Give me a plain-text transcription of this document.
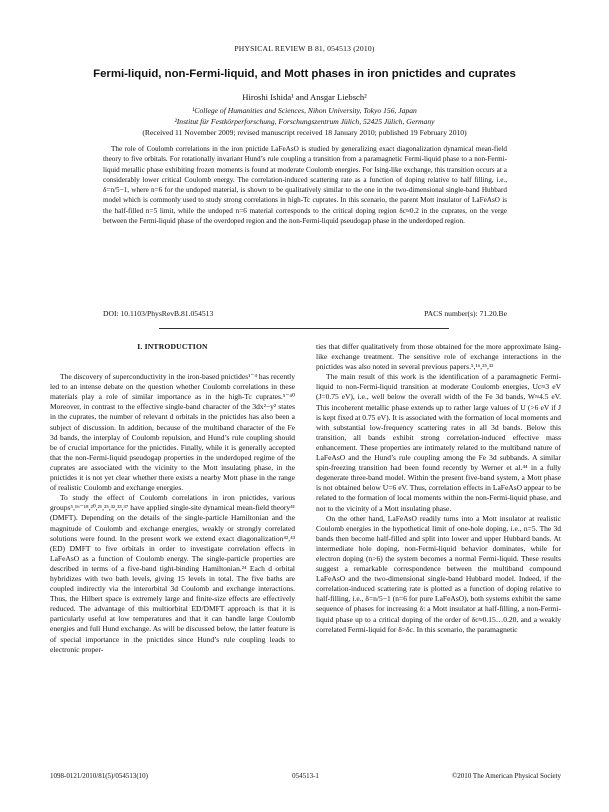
PHYSICAL REVIEW B 81, 054513 (2010)
Fermi-liquid, non-Fermi-liquid, and Mott phases in iron pnictides and cuprates
Hiroshi Ishida¹ and Ansgar Liebsch²
¹College of Humanities and Sciences, Nihon University, Tokyo 156, Japan
²Institut für Festkörperforschung, Forschungszentrum Jülich, 52425 Jülich, Germany
(Received 11 November 2009; revised manuscript received 18 January 2010; published 19 February 2010)
The role of Coulomb correlations in the iron pnictide LaFeAsO is studied by generalizing exact diagonalization dynamical mean-field theory to five orbitals. For rotationally invariant Hund’s rule coupling a transition from a paramagnetic Fermi-liquid phase to a non-Fermi-liquid metallic phase exhibiting frozen moments is found at moderate Coulomb energies. For Ising-like exchange, this transition occurs at a considerably lower critical Coulomb energy. The correlation-induced scattering rate as a function of doping relative to half filling, i.e., δ=n/5−1, where n=6 for the undoped material, is shown to be qualitatively similar to the one in the two-dimensional single-band Hubbard model which is commonly used to study strong correlations in high-Tc cuprates. In this scenario, the parent Mott insulator of LaFeAsO is the half-filled n=5 limit, while the undoped n=6 material corresponds to the critical doping region δc≈0.2 in the cuprates, on the verge between the Fermi-liquid phase of the overdoped region and the non-Fermi-liquid pseudogap phase in the underdoped region.
DOI: 10.1103/PhysRevB.81.054513	PACS number(s): 71.20.Be
I. INTRODUCTION

The discovery of superconductivity in the iron-based pnictides¹⁻⁴ has recently led to an intense debate on the question whether Coulomb correlations in these materials play a role of similar importance as in the high-Tc cuprates.⁵⁻⁴⁰ Moreover, in contrast to the effective single-band character of the 3dx²−y² states in the cuprates, the number of relevant d orbitals in the pnictides has also been a subject of discussion. In addition, because of the multiband character of the Fe 3d bands, the interplay of Coulomb repulsion, and Hund’s rule coupling should be of crucial importance for the pnictides. Finally, while it is generally accepted that the non-Fermi-liquid pseudogap properties in the underdoped regime of the cuprates are associated with the vicinity to the Mott insulating phase, in the pnictides it is not yet clear whether there exists a nearby Mott phase in the range of realistic Coulomb and exchange energies.

To study the effect of Coulomb correlations in iron pnictides, various groups⁵,¹⁶⁻¹⁸,²⁰,²¹,²⁵,³²,³³,³⁷ have applied single-site dynamical mean-field theory⁴¹ (DMFT). Depending on the details of the single-particle Hamiltonian and the magnitude of Coulomb and exchange energies, weakly or strongly correlated solutions were found. In the present work we extend exact diagonalization⁴²,⁴³ (ED) DMFT to five orbitals in order to investigate correlation effects in LaFeAsO as a function of Coulomb energy. The single-particle properties are described in terms of a five-band tight-binding Hamiltonian.²⁴ Each d orbital hybridizes with two bath levels, giving 15 levels in total. The five baths are coupled indirectly via the interorbital 3d Coulomb and exchange interactions. Thus, the Hilbert space is extremely large and finite-size effects are effectively reduced. The advantage of this multiorbital ED/DMFT approach is that it is particularly useful at low temperatures and that it can handle large Coulomb energies and full Hund exchange. As will be discussed below, the latter feature is of special importance in the pnictides since Hund’s rule coupling leads to electronic proper-

ties that differ qualitatively from those obtained for the more approximate Ising-like exchange treatment. The sensitive role of exchange interactions in the pnictides was also noted in several previous papers.⁵,¹⁶,²⁵,³²

The main result of this work is the identification of a paramagnetic Fermi-liquid to non-Fermi-liquid transition at moderate Coulomb energies, Uc≈3 eV (J=0.75 eV), i.e., well below the overall width of the Fe 3d bands, W≈4.5 eV. This incoherent metallic phase extends up to rather large values of U (>6 eV if J is kept fixed at 0.75 eV). It is associated with the formation of local moments and with substantial low-frequency scattering rates in all 3d bands. Below this transition, all bands exhibit strong correlation-induced effective mass enhancement. These properties are intimately related to the multiband nature of LaFeAsO and the Hund’s rule coupling among the Fe 3d subbands. A similar spin-freezing transition had been found recently by Werner et al.⁴⁴ in a fully degenerate three-band model. Within the present five-band system, a Mott phase is not obtained below U=6 eV. Thus, correlation effects in LaFeAsO appear to be related to the formation of local moments within the non-Fermi-liquid phase, and not to the vicinity of a Mott insulating phase.

On the other hand, LaFeAsO readily turns into a Mott insulator at realistic Coulomb energies in the hypothetical limit of one-hole doping, i.e., n=5. The 3d bands then become half-filled and split into lower and upper Hubbard bands. At intermediate hole doping, non-Fermi-liquid behavior dominates, while for electron doping (n>6) the system becomes a normal Fermi-liquid. These results suggest a remarkable correspondence between the multiband compound LaFeAsO and the two-dimensional single-band Hubbard model. Indeed, if the correlation-induced scattering rate is plotted as a function of doping relative to half-filling, i.e., δ=n/5−1 (n=6 for pure LaFeAsO), both systems exhibit the same sequence of phases for increasing δ: a Mott insulator at half-filling, a non-Fermi-liquid phase up to a critical doping of the order of δc≈0.15…0.20, and a weakly correlated Fermi-liquid for δ>δc. In this scenario, the paramagnetic

1098-0121/2010/81(5)/054513(10)	054513-1	©2010 The American Physical Society
